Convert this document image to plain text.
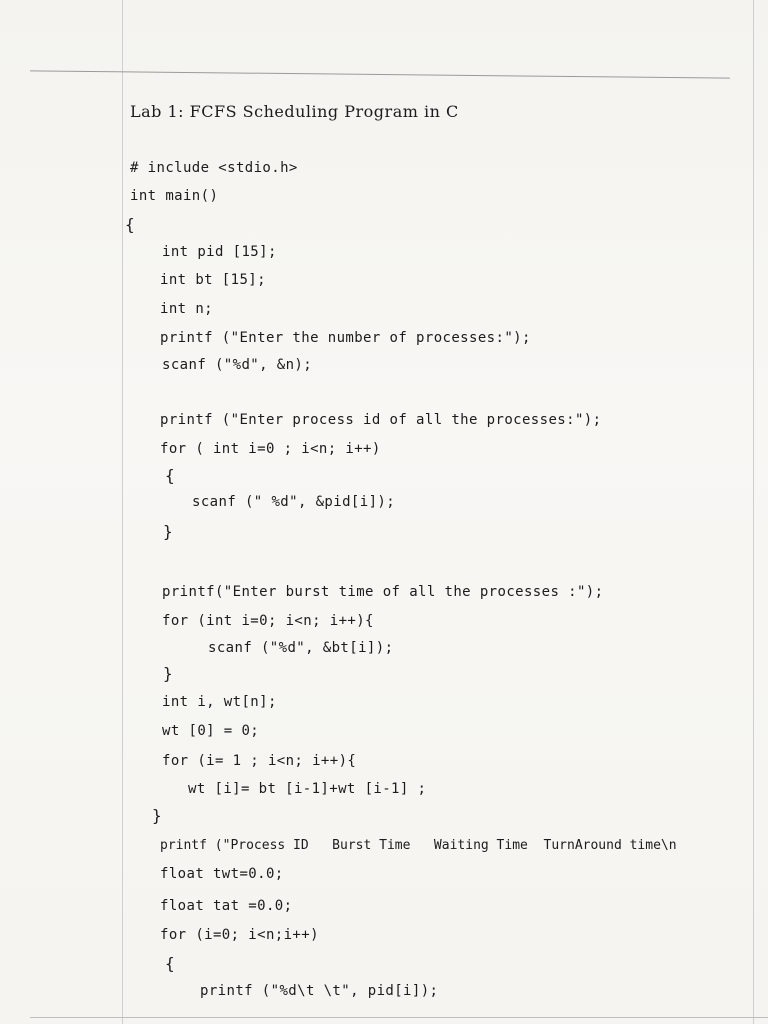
Lab 1: FCFS Scheduling Program in C
# include <stdio.h>
int main()
{
int pid [15];
int bt [15];
int n;
printf ("Enter the number of processes:");
scanf ("%d", &n);
printf ("Enter process id of all the processes:");
for ( int i=0 ; i<n; i++)
{
scanf (" %d", &pid[i]);
}
printf("Enter burst time of all the processes :");
for (int i=0; i<n; i++){
scanf ("%d", &bt[i]);
}
int i, wt[n];
wt [0] = 0;
for (i= 1 ; i<n; i++){
wt [i]= bt [i-1]+wt [i-1] ;
}
printf ("Process ID   Burst Time   Waiting Time  TurnAround time\n
float twt=0.0;
float tat =0.0;
for (i=0; i<n;i++)
{
printf ("%d\t \t", pid[i]);
